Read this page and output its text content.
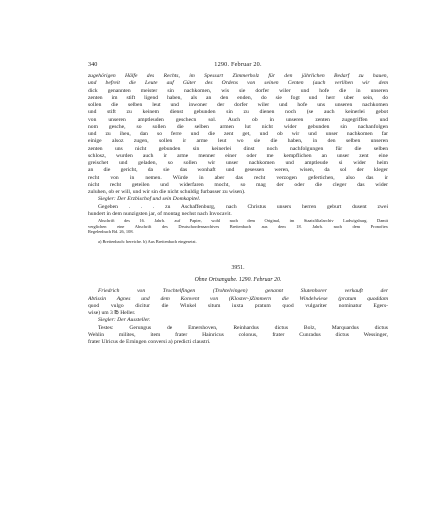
340	1290. Februar 20.
zugehörigen Hälfe des Rechts, im Spessart Zimmerholz für den jährlichen Bedarf zu hauen,
und befreit die Leute auf Güter des Ordens von seinen Centen (auch verlihen wir dem
dick genannten meister sin nachkomen, wis sie dorfer wiler und hofe die in unseren
zenten im stift ligend haben, als an den enden, do sie fogt und herr uber sein, do
sollen die selben leut und inwoner der dorfer wiler und hofe uns unseren nachkomen
und stift zu keinem dienst gebunden sin zu dienen noch (se auch keinerlei gebot
von unseren amptleuden geschecn sol. Auch ob in unseren zenten zugegriffen und
nom gesche, so sollen die selben armen lut nicht wider gebunden sin nachanfolgen
und zu iheu, dan so ferre und die zent get, und ob wir und unser nachkomen far
einige alsoz zugen, sollen ir arme leut wo sie die haben, in den selben unseren
zenten uns nicht gebunden sin keinerlei dinst noch nachfolgungen für die selben
schlosz, wurden auch ir arme menner einer oder me kempflichen an unser zent eine
greischet und geladen, so sollen wir unser nachkomen und amptleude si wider heim
an die gericht, da sie das wonhaft und gesessen weren, wisen, da sol der kleger
recht von in nemen. Würde in aber das recht verzogen gefertichen, also das ir
nicht recht geteilen und widerfaren mocht, so mag der oder die cleger das wider
zuluhen, ob er will, und wir sin die nicht schuldig furbasser zu wisen).
Siegler: Der Erzbischof und sein Domkapitel.
Gegeben . . . zu Aschaffenburg, nach Christus unsers herren geburt dusent zwei
hundert in dem nunzigsten jar, of montag nechst nach Invocavit.
Abschrift des 16. Jahrh. auf Papier, wohl nach dem Original, im Staatsfilialarchiv Ludwigsburg. Damit
verglichen eine Abschrift des Deutschordensarchives Breitenbach aus dem 18. Jahrh. nach dem Pronoftex
Regelenbuch Bd. 26, 108.
a) Breitenbach: bereiche. b) Aus Breitenbach eingesetzt.
3951.
Ohne Ortsangabe. 1290. Februar 20.
Friedrich von Trochtelfingen (Trohtelvingen) genannt Slutenhorer verkauft der
Äbtissin Agnes und dem Konvent von (Kloster-)Zimmern die Windelwiese (pratum quoddam
quod vulgo dicitur die Winkel situm iuxta pratum quod vulgariter nominatur Egers-
wise) um 3 ℔ Heller.
Siegler: Der Aussteller.
Testes: Gerungus de Emershoven, Reinhardus dictus Bolz, Marquardus dictus
Wehlin milites, item frater Hainricus colonus, frater Cunradus dictus Wessinger,
frater Ulricus de Erningen conversi a) predicti claustri.
